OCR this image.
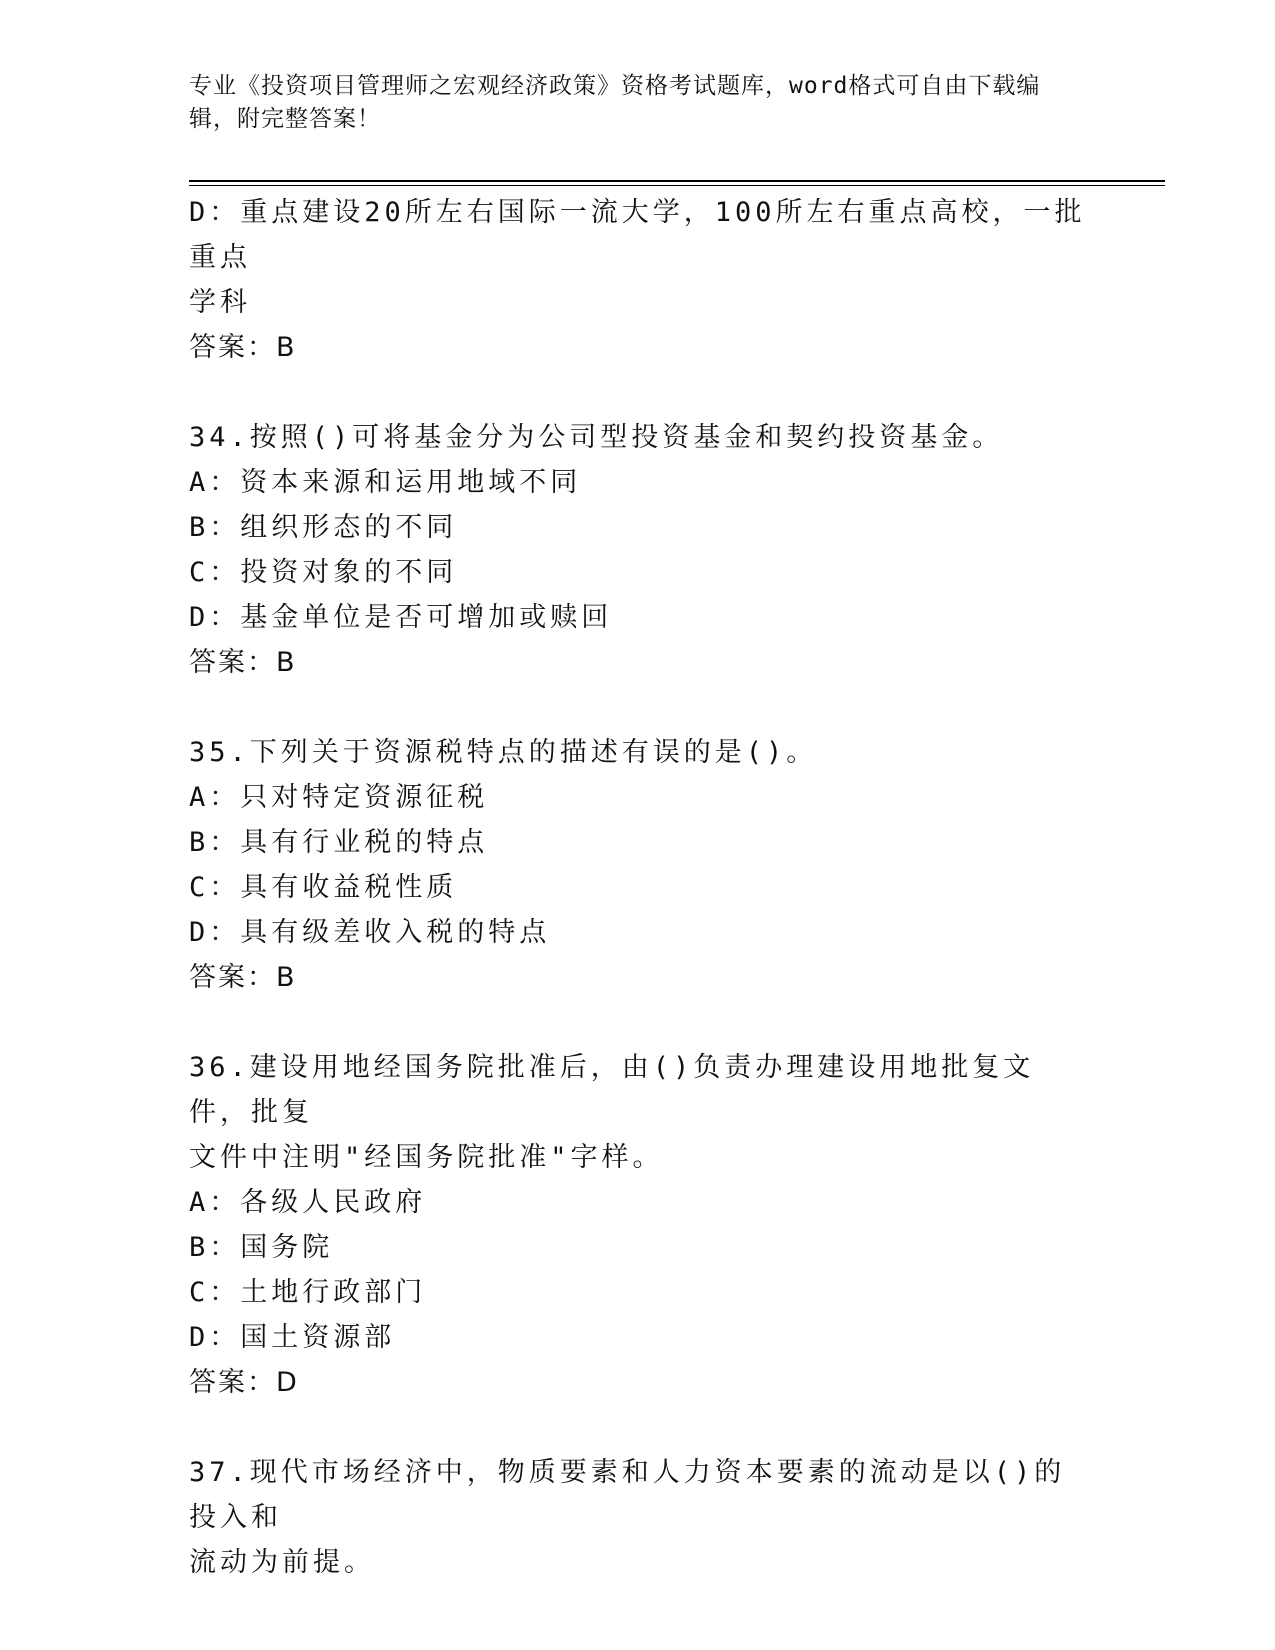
专业《投资项目管理师之宏观经济政策》资格考试题库，word格式可自由下载编

辑，附完整答案！

D：重点建设20所左右国际一流大学，100所左右重点高校，一批重点

学科

答案：B

34.按照()可将基金分为公司型投资基金和契约投资基金。

A：资本来源和运用地域不同

B：组织形态的不同

C：投资对象的不同

D：基金单位是否可增加或赎回

答案：B

35.下列关于资源税特点的描述有误的是()。

A：只对特定资源征税

B：具有行业税的特点

C：具有收益税性质

D：具有级差收入税的特点

答案：B

36.建设用地经国务院批准后，由()负责办理建设用地批复文件，批复

文件中注明"经国务院批准"字样。

A：各级人民政府

B：国务院

C：土地行政部门

D：国土资源部

答案：D

37.现代市场经济中，物质要素和人力资本要素的流动是以()的投入和

流动为前提。
